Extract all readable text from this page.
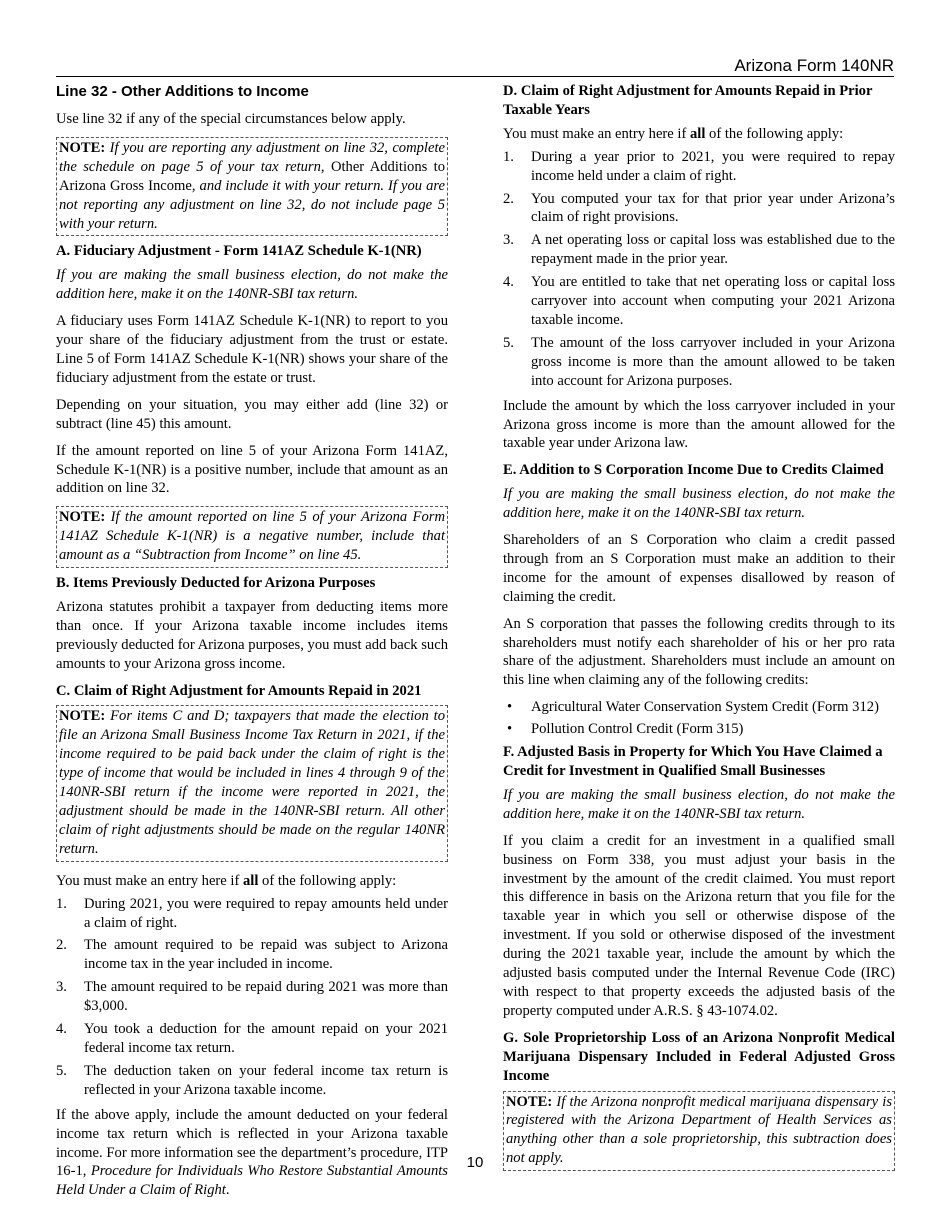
Arizona Form 140NR
Line 32 - Other Additions to Income

Use line 32 if any of the special circumstances below apply.

NOTE: If you are reporting any adjustment on line 32, complete the schedule on page 5 of your tax return, Other Additions to Arizona Gross Income, and include it with your return. If you are not reporting any adjustment on line 32, do not include page 5 with your return.
A. Fiduciary Adjustment - Form 141AZ Schedule K-1(NR)

If you are making the small business election, do not make the addition here, make it on the 140NR-SBI tax return.

A fiduciary uses Form 141AZ Schedule K-1(NR) to report to you your share of the fiduciary adjustment from the trust or estate. Line 5 of Form 141AZ Schedule K-1(NR) shows your share of the fiduciary adjustment from the estate or trust.

Depending on your situation, you may either add (line 32) or subtract (line 45) this amount.

If the amount reported on line 5 of your Arizona Form 141AZ, Schedule K-1(NR) is a positive number, include that amount as an addition on line 32.

NOTE: If the amount reported on line 5 of your Arizona Form 141AZ Schedule K-1(NR) is a negative number, include that amount as a “Subtraction from Income” on line 45.
B. Items Previously Deducted for Arizona Purposes

Arizona statutes prohibit a taxpayer from deducting items more than once. If your Arizona taxable income includes items previously deducted for Arizona purposes, you must add back such amounts to your Arizona gross income.

C. Claim of Right Adjustment for Amounts Repaid in 2021
NOTE: For items C and D; taxpayers that made the election to file an Arizona Small Business Income Tax Return in 2021, if the income required to be paid back under the claim of right is the type of income that would be included in lines 4 through 9 of the 140NR-SBI return if the income were reported in 2021, the adjustment should be made in the 140NR-SBI return. All other claim of right adjustments should be made on the regular 140NR return.

You must make an entry here if all of the following apply:

1. During 2021, you were required to repay amounts held under a claim of right.
2. The amount required to be repaid was subject to Arizona income tax in the year included in income.
3. The amount required to be repaid during 2021 was more than $3,000.
4. You took a deduction for the amount repaid on your 2021 federal income tax return.
5. The deduction taken on your federal income tax return is reflected in your Arizona taxable income.

If the above apply, include the amount deducted on your federal income tax return which is reflected in your Arizona taxable income. For more information see the department’s procedure, ITP 16-1, Procedure for Individuals Who Restore Substantial Amounts Held Under a Claim of Right.

D. Claim of Right Adjustment for Amounts Repaid in Prior Taxable Years

You must make an entry here if all of the following apply:

1. During a year prior to 2021, you were required to repay income held under a claim of right.
2. You computed your tax for that prior year under Arizona’s claim of right provisions.
3. A net operating loss or capital loss was established due to the repayment made in the prior year.
4. You are entitled to take that net operating loss or capital loss carryover into account when computing your 2021 Arizona taxable income.
5. The amount of the loss carryover included in your Arizona gross income is more than the amount allowed to be taken into account for Arizona purposes.

Include the amount by which the loss carryover included in your Arizona gross income is more than the amount allowed for the taxable year under Arizona law.

E. Addition to S Corporation Income Due to Credits Claimed

If you are making the small business election, do not make the addition here, make it on the 140NR-SBI tax return.

Shareholders of an S Corporation who claim a credit passed through from an S Corporation must make an addition to their income for the amount of expenses disallowed by reason of claiming the credit.

An S corporation that passes the following credits through to its shareholders must notify each shareholder of his or her pro rata share of the adjustment. Shareholders must include an amount on this line when claiming any of the following credits:

• Agricultural Water Conservation System Credit (Form 312)
• Pollution Control Credit (Form 315)
F. Adjusted Basis in Property for Which You Have Claimed a Credit for Investment in Qualified Small Businesses

If you are making the small business election, do not make the addition here, make it on the 140NR-SBI tax return.

If you claim a credit for an investment in a qualified small business on Form 338, you must adjust your basis in the investment by the amount of the credit claimed. You must report this difference in basis on the Arizona return that you file for the taxable year in which you sell or otherwise dispose of the investment. If you sold or otherwise disposed of the investment during the 2021 taxable year, include the amount by which the adjusted basis computed under the Internal Revenue Code (IRC) with respect to that property exceeds the adjusted basis of the property computed under A.R.S. § 43-1074.02.

G. Sole Proprietorship Loss of an Arizona Nonprofit Medical Marijuana Dispensary Included in Federal Adjusted Gross Income
NOTE: If the Arizona nonprofit medical marijuana dispensary is registered with the Arizona Department of Health Services as anything other than a sole proprietorship, this subtraction does not apply.
10
